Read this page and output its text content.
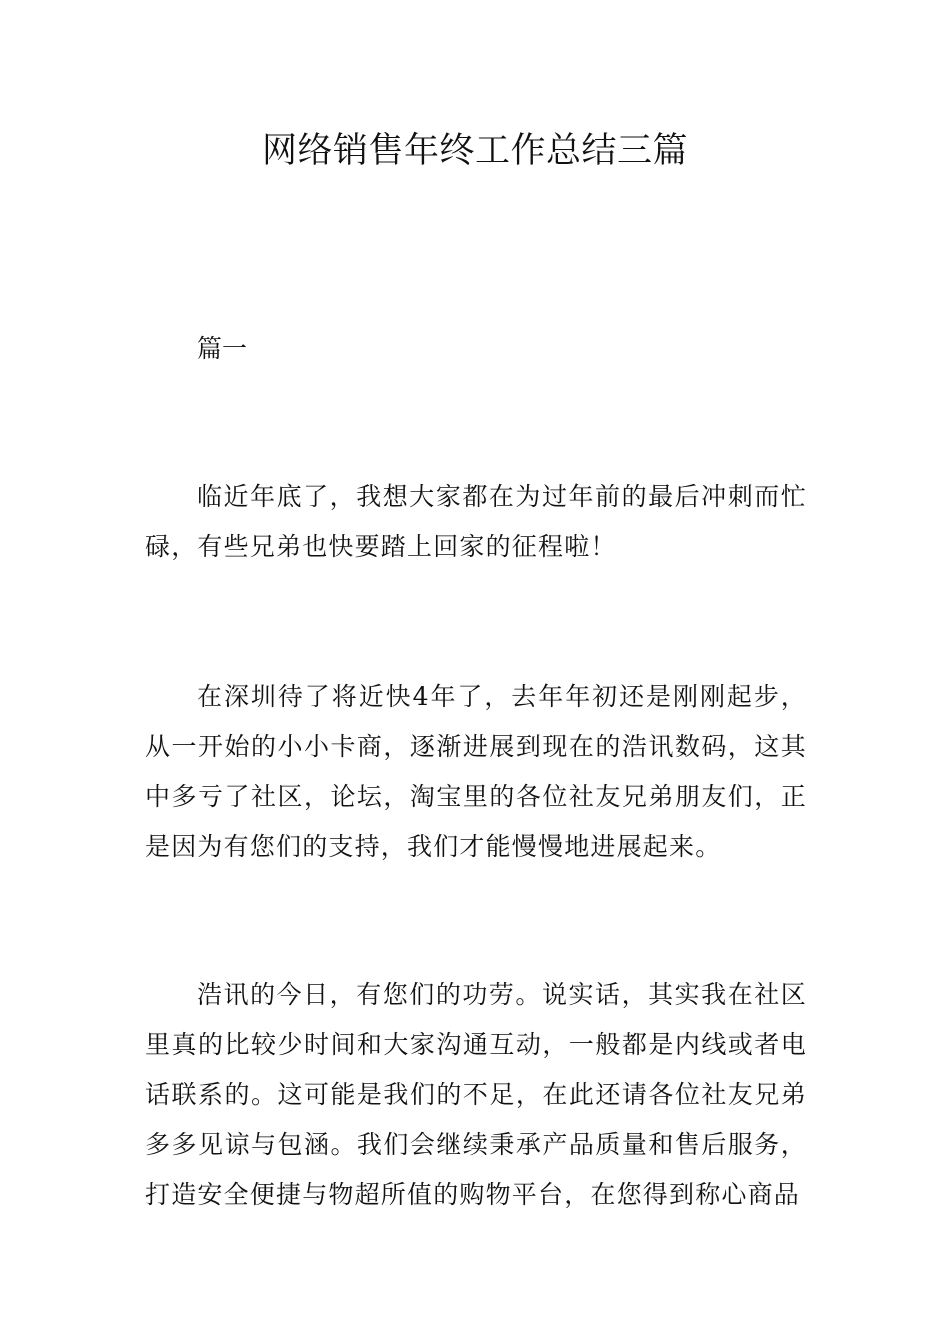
网络销售年终工作总结三篇

篇一

临近年底了，我想大家都在为过年前的最后冲刺而忙碌，有些兄弟也快要踏上回家的征程啦！

在深圳待了将近快4年了，去年年初还是刚刚起步，从一开始的小小卡商，逐渐进展到现在的浩讯数码，这其中多亏了社区，论坛，淘宝里的各位社友兄弟朋友们，正是因为有您们的支持，我们才能慢慢地进展起来。

浩讯的今日，有您们的功劳。说实话，其实我在社区里真的比较少时间和大家沟通互动，一般都是内线或者电话联系的。这可能是我们的不足，在此还请各位社友兄弟多多见谅与包涵。我们会继续秉承产品质量和售后服务，打造安全便捷与物超所值的购物平台，在您得到称心商品
